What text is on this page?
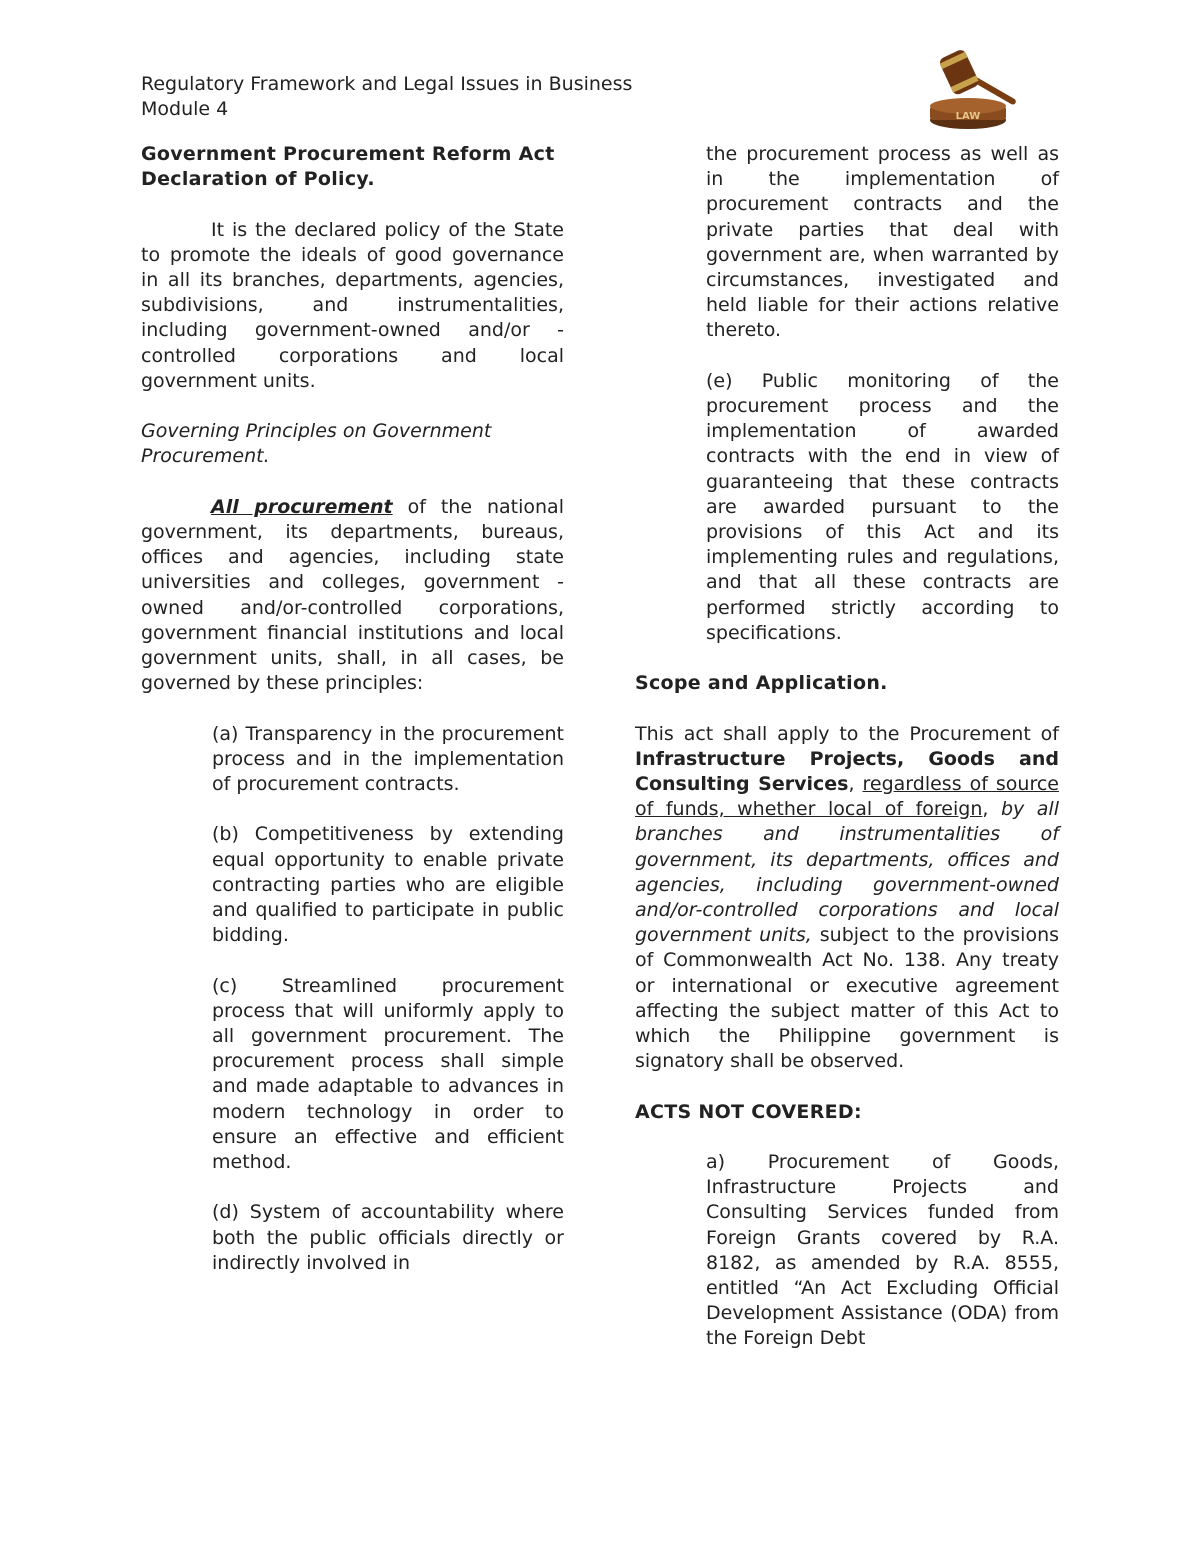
Regulatory Framework and Legal Issues in Business
Module 4	LAW

Government Procurement Reform Act

Declaration of Policy.

It is the declared policy of the State to promote the ideals of good governance in all its branches, departments, agencies, subdivisions, and instrumentalities, including government-owned and/or -controlled corporations and local government units.

Governing Principles on Government Procurement.

All procurement of the national government, its departments, bureaus, offices and agencies, including state universities and colleges, government -owned and/or-controlled corporations, government financial institutions and local government units, shall, in all cases, be governed by these principles:

(a) Transparency in the procurement process and in the implementation of procurement contracts.

(b) Competitiveness by extending equal opportunity to enable private contracting parties who are eligible and qualified to participate in public bidding.

(c) Streamlined procurement process that will uniformly apply to all government procurement. The procurement process shall simple and made adaptable to advances in modern technology in order to ensure an effective and efficient method.

(d) System of accountability where both the public officials directly or indirectly involved in

the procurement process as well as in the implementation of procurement contracts and the private parties that deal with government are, when warranted by circumstances, investigated and held liable for their actions relative thereto.

(e) Public monitoring of the procurement process and the implementation of awarded contracts with the end in view of guaranteeing that these contracts are awarded pursuant to the provisions of this Act and its implementing rules and regulations, and that all these contracts are performed strictly according to specifications.

Scope and Application.

This act shall apply to the Procurement of Infrastructure Projects, Goods and Consulting Services, regardless of source of funds, whether local of foreign, by all branches and instrumentalities of government, its departments, offices and agencies, including government-owned and/or-controlled corporations and local government units, subject to the provisions of Commonwealth Act No. 138. Any treaty or international or executive agreement affecting the subject matter of this Act to which the Philippine government is signatory shall be observed.

ACTS NOT COVERED:

a) Procurement of Goods, Infrastructure Projects and Consulting Services funded from Foreign Grants covered by R.A. 8182, as amended by R.A. 8555, entitled “An Act Excluding Official Development Assistance (ODA) from the Foreign Debt
